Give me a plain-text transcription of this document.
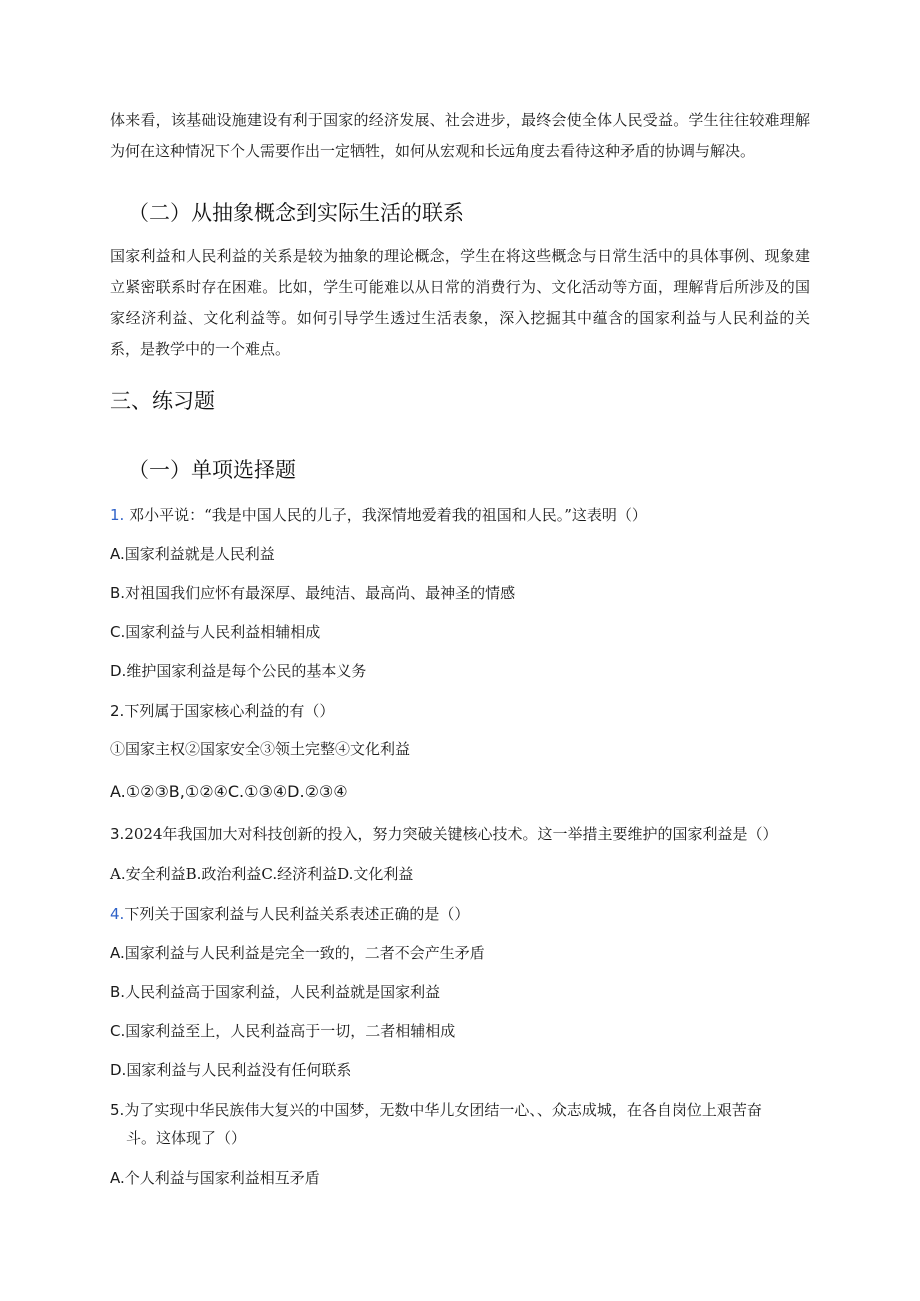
体来看，该基础设施建设有利于国家的经济发展、社会进步，最终会使全体人民受益。学生往往较难理解为何在这种情况下个人需要作出一定牺牲，如何从宏观和长远角度去看待这种矛盾的协调与解决。

（二）从抽象概念到实际生活的联系

国家利益和人民利益的关系是较为抽象的理论概念，学生在将这些概念与日常生活中的具体事例、现象建立紧密联系时存在困难。比如，学生可能难以从日常的消费行为、文化活动等方面，理解背后所涉及的国家经济利益、文化利益等。如何引导学生透过生活表象，深入挖掘其中蕴含的国家利益与人民利益的关系，是教学中的一个难点。

三、练习题
（一）单项选择题
1. 邓小平说：“我是中国人民的儿子，我深情地爱着我的祖国和人民。”这表明（）
A.国家利益就是人民利益
B.对祖国我们应怀有最深厚、最纯洁、最高尚、最神圣的情感
C.国家利益与人民利益相辅相成
D.维护国家利益是每个公民的基本义务
2.下列属于国家核心利益的有（）
①国家主权②国家安全③领土完整④文化利益
A.①②③B,①②④C.①③④D.②③④
3.2024年我国加大对科技创新的投入，努力突破关键核心技术。这一举措主要维护的国家利益是（）
A.安全利益B.政治利益C.经济利益D.文化利益
4.下列关于国家利益与人民利益关系表述正确的是（）
A.国家利益与人民利益是完全一致的，二者不会产生矛盾
B.人民利益高于国家利益，人民利益就是国家利益
C.国家利益至上，人民利益高于一切，二者相辅相成
D.国家利益与人民利益没有任何联系
5.为了实现中华民族伟大复兴的中国梦，无数中华儿女团结一心、、众志成城，在各自岗位上艰苦奋
斗。这体现了（）
A.个人利益与国家利益相互矛盾
